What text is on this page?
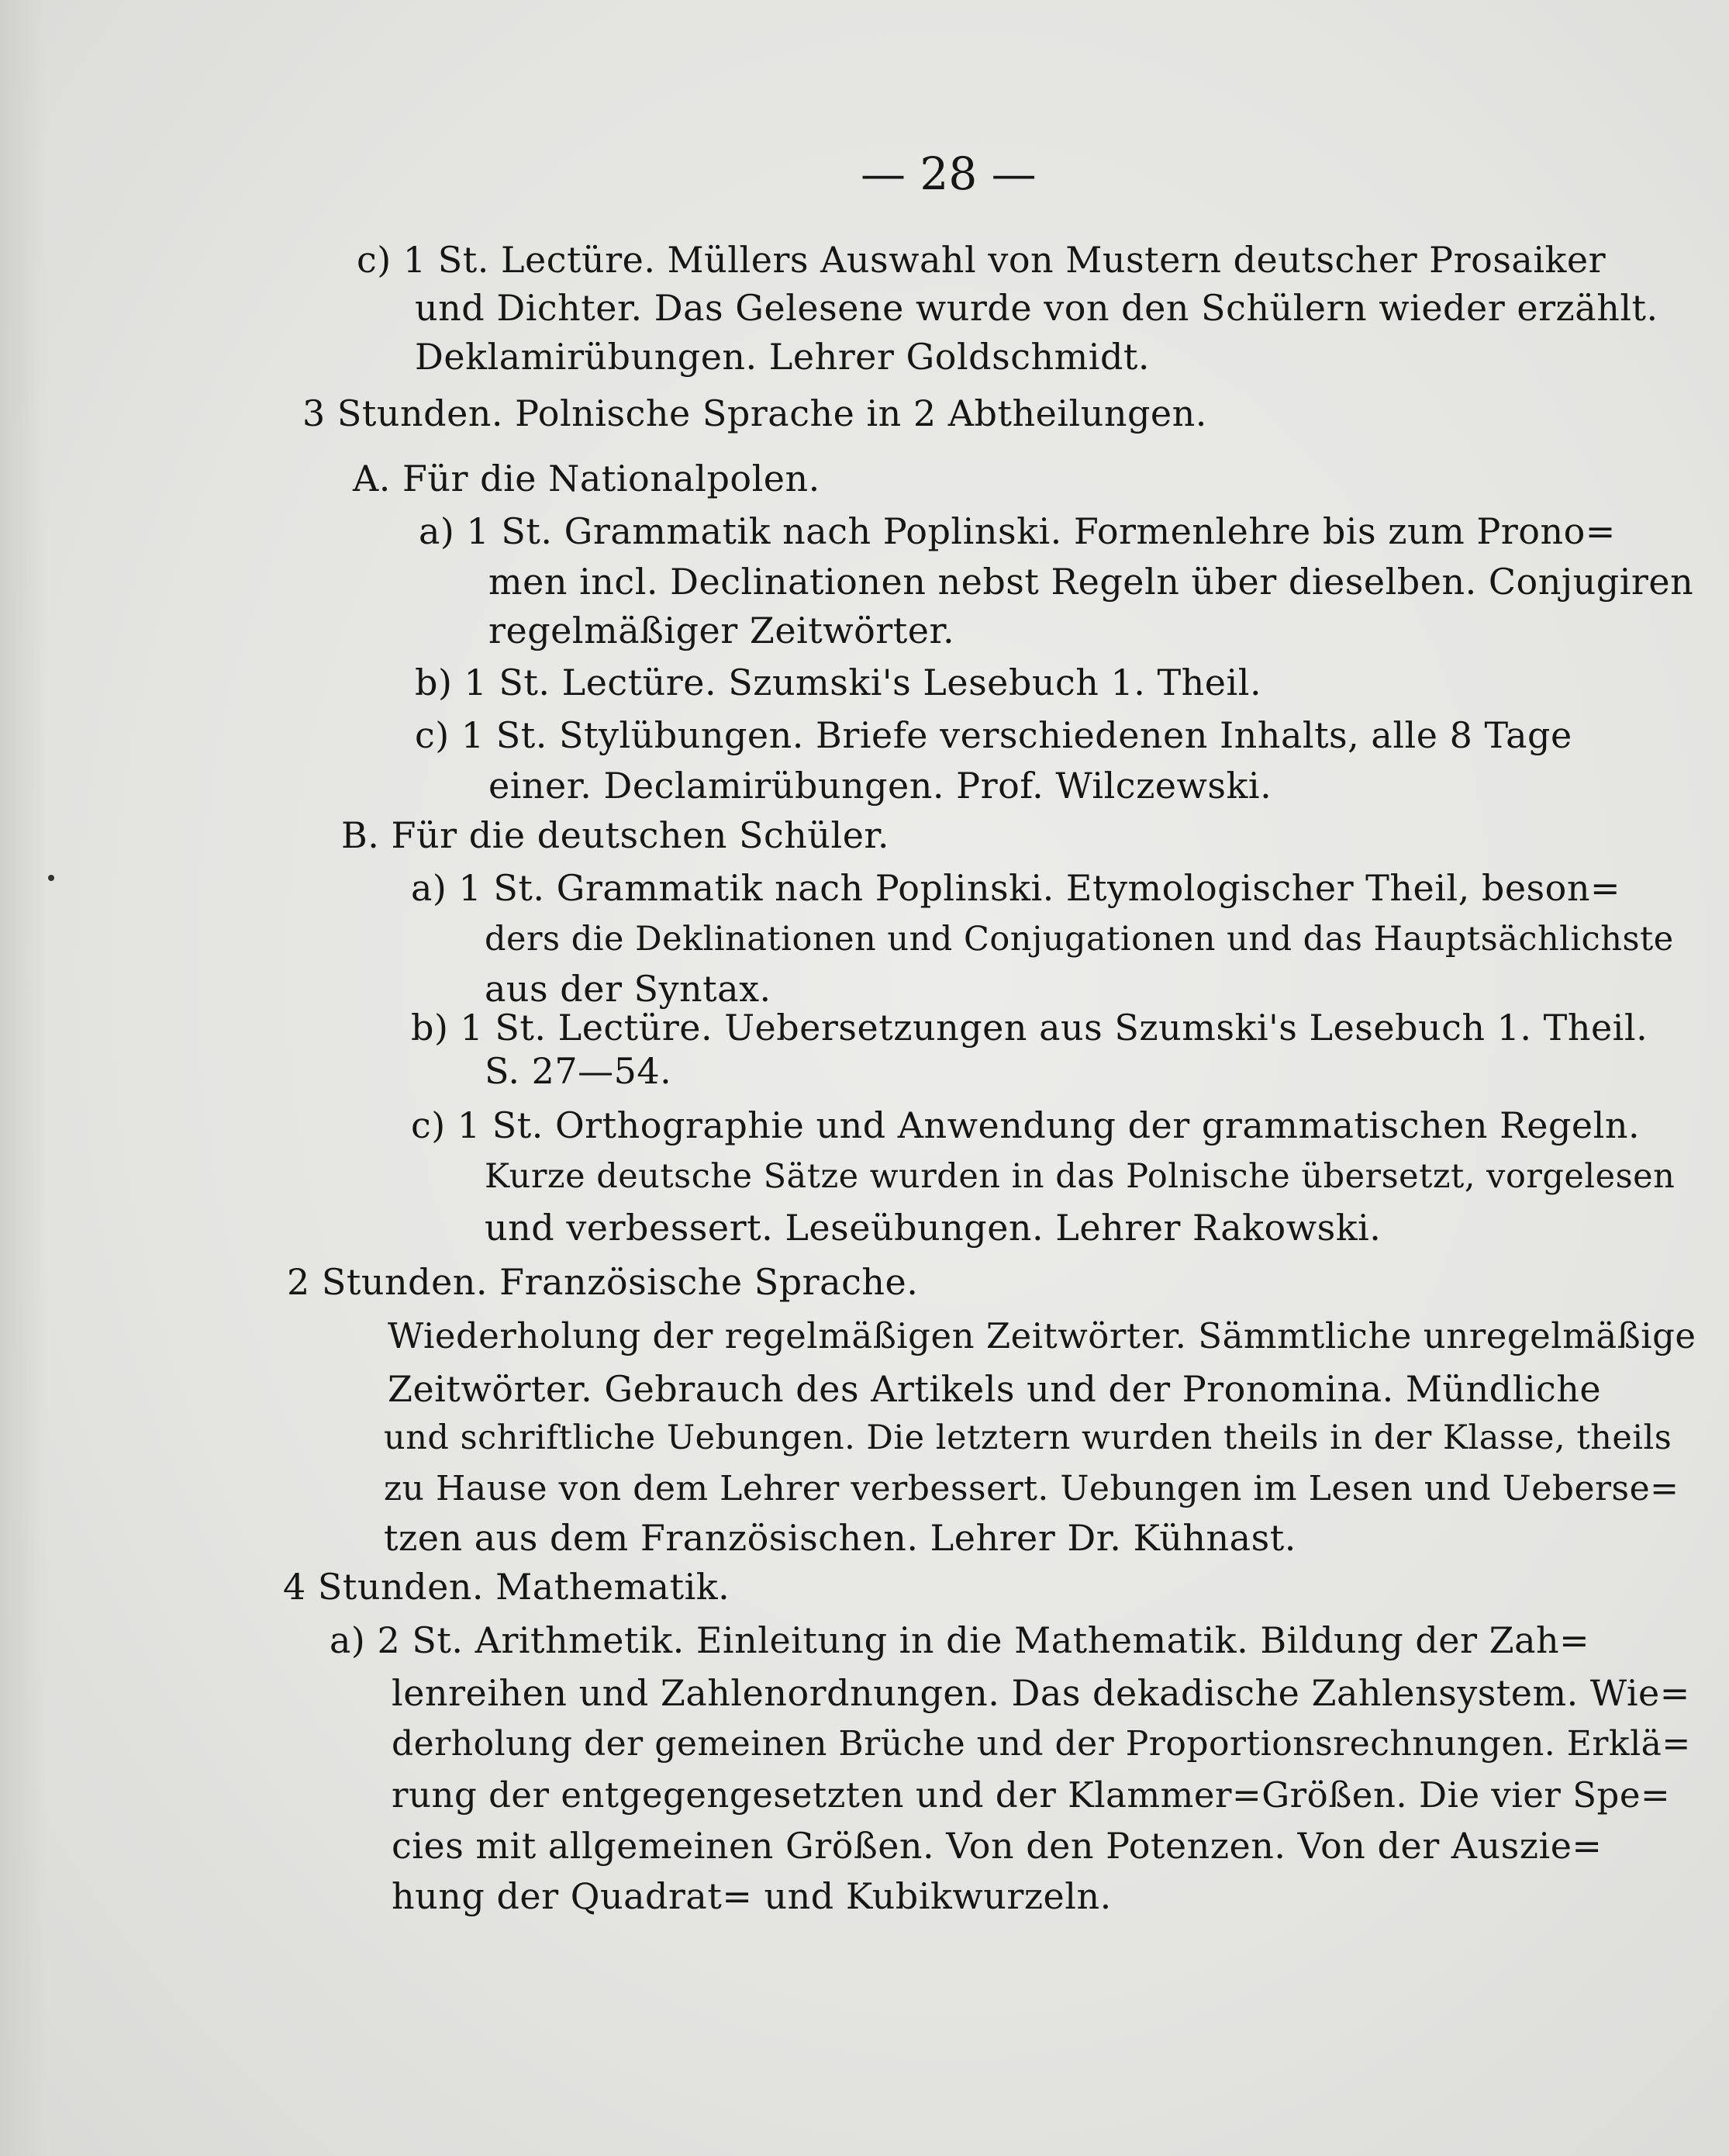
— 28 —
c) 1 St. Lectüre. Müllers Auswahl von Mustern deutscher Prosaiker
und Dichter. Das Gelesene wurde von den Schülern wieder erzählt.
Deklamirübungen. Lehrer Goldschmidt.
3 Stunden. Polnische Sprache in 2 Abtheilungen.
A. Für die Nationalpolen.
a) 1 St. Grammatik nach Poplinski. Formenlehre bis zum Prono=
men incl. Declinationen nebst Regeln über dieselben. Conjugiren
regelmäßiger Zeitwörter.
b) 1 St. Lectüre. Szumski's Lesebuch 1. Theil.
c) 1 St. Stylübungen. Briefe verschiedenen Inhalts, alle 8 Tage
einer. Declamirübungen. Prof. Wilczewski.
B. Für die deutschen Schüler.
a) 1 St. Grammatik nach Poplinski. Etymologischer Theil, beson=
ders die Deklinationen und Conjugationen und das Hauptsächlichste
aus der Syntax.
b) 1 St. Lectüre. Uebersetzungen aus Szumski's Lesebuch 1. Theil.
S. 27—54.
c) 1 St. Orthographie und Anwendung der grammatischen Regeln.
Kurze deutsche Sätze wurden in das Polnische übersetzt, vorgelesen
und verbessert. Leseübungen. Lehrer Rakowski.
2 Stunden. Französische Sprache.
Wiederholung der regelmäßigen Zeitwörter. Sämmtliche unregelmäßige
Zeitwörter. Gebrauch des Artikels und der Pronomina. Mündliche
und schriftliche Uebungen. Die letztern wurden theils in der Klasse, theils
zu Hause von dem Lehrer verbessert. Uebungen im Lesen und Ueberse=
tzen aus dem Französischen. Lehrer Dr. Kühnast.
4 Stunden. Mathematik.
a) 2 St. Arithmetik. Einleitung in die Mathematik. Bildung der Zah=
lenreihen und Zahlenordnungen. Das dekadische Zahlensystem. Wie=
derholung der gemeinen Brüche und der Proportionsrechnungen. Erklä=
rung der entgegengesetzten und der Klammer=Größen. Die vier Spe=
cies mit allgemeinen Größen. Von den Potenzen. Von der Auszie=
hung der Quadrat= und Kubikwurzeln.
